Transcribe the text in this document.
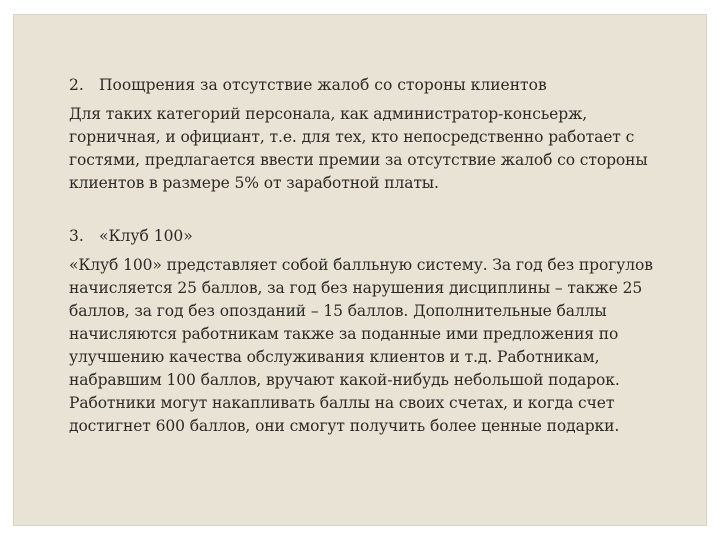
2. Поощрения за отсутствие жалоб со стороны клиентов

Для таких категорий персонала, как администратор-консьерж, горничная, и официант, т.е. для тех, кто непосредственно работает с гостями, предлагается ввести премии за отсутствие жалоб со стороны клиентов в размере 5% от заработной платы.

3. «Клуб 100»

«Клуб 100» представляет собой балльную систему. За год без прогулов начисляется 25 баллов, за год без нарушения дисциплины – также 25 баллов, за год без опозданий – 15 баллов. Дополнительные баллы начисляются работникам также за поданные ими предложения по улучшению качества обслуживания клиентов и т.д. Работникам, набравшим 100 баллов, вручают какой-нибудь небольшой подарок. Работники могут накапливать баллы на своих счетах, и когда счет достигнет 600 баллов, они смогут получить более ценные подарки.
